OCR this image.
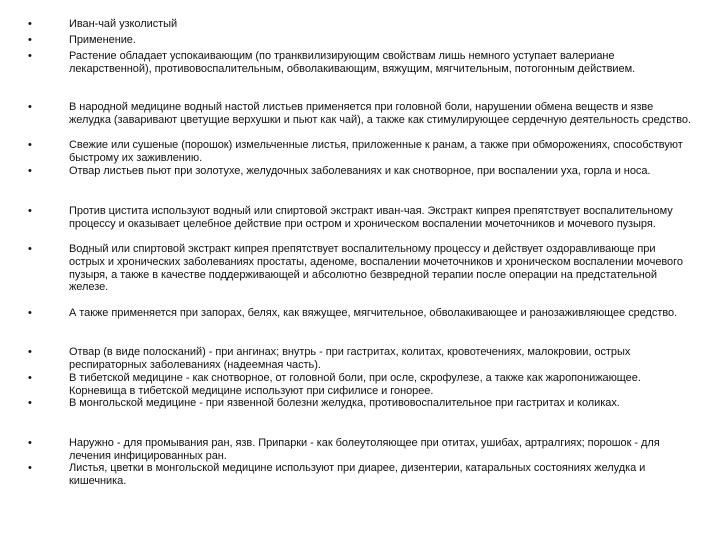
•	Иван-чай узколистый
•	Применение.
•	Растение обладает успокаивающим (по транквилизирующим свойствам лишь немного уступает валериане лекарственной), противовоспалительным, обволакивающим, вяжущим, мягчительным, потогонным действием.
•	В народной медицине водный настой листьев применяется при головной боли, нарушении обмена веществ и язве желудка (заваривают цветущие верхушки и пьют как чай), а также как стимулирующее сердечную деятельность средство.
•	Свежие или сушеные (порошок) измельченные листья, приложенные к ранам, а также при обморожениях, способствуют быстрому их заживлению.
•	Отвар листьев пьют при золотухе, желудочных заболеваниях и как снотворное, при воспалении уха, горла и носа.
•	Против цистита используют водный или спиртовой экстракт иван-чая. Экстракт кипрея препятствует воспалительному процессу и оказывает целебное действие при остром и хроническом воспалении мочеточников и мочевого пузыря.
•	Водный или спиртовой экстракт кипрея препятствует воспалительному процессу и действует оздоравливающе при острых и хронических заболеваниях простаты, аденоме, воспалении мочеточников и хроническом воспалении мочевого пузыря, а также в качестве поддерживающей и абсолютно безвредной терапии после операции на предстательной железе.
•	А также применяется при запорах, белях, как вяжущее, мягчительное, обволакивающее и ранозаживляющее средство.
•	Отвар (в виде полосканий) - при ангинах; внутрь - при гастритах, колитах, кровотечениях, малокровии, острых респираторных заболеваниях (надеемная часть).
•	В тибетской медицине - как снотворное, от головной боли, при осле, скрофулезе, а также как жаропонижающее. Корневища в тибетской медицине используют при сифилисе и гонорее.
•	В монгольской медицине - при язвенной болезни желудка, противовоспалительное при гастритах и коликах.
•	Наружно - для промывания ран, язв. Припарки - как болеутоляющее при отитах, ушибах, артралгиях; порошок - для лечения инфицированных ран.
•	Листья, цветки в монгольской медицине используют при диарее, дизентерии, катаральных состояниях желудка и кишечника.
